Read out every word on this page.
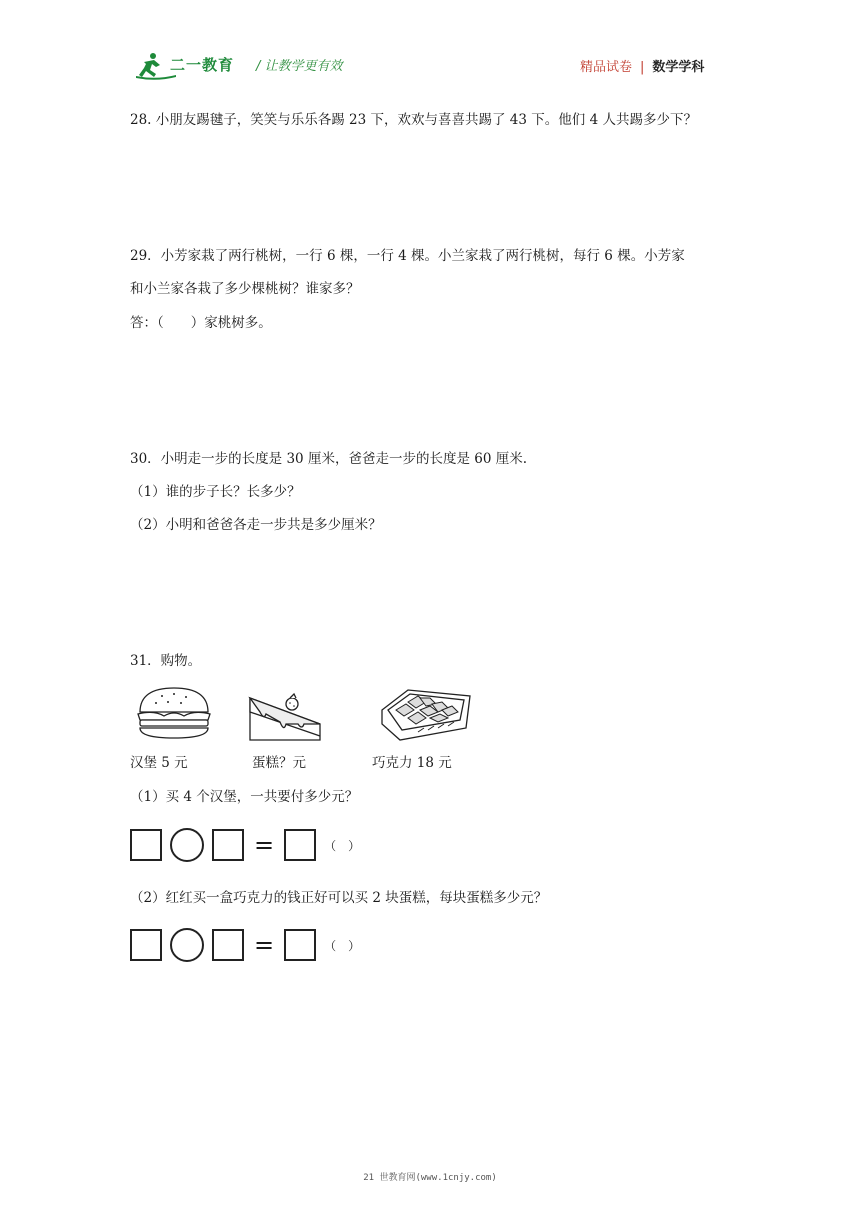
二一教育 / 让教学更有效	精品试卷 | 数学学科
28. 小朋友踢毽子，笑笑与乐乐各踢 23 下，欢欢与喜喜共踢了 43 下。他们 4 人共踢多少下？
29．小芳家栽了两行桃树，一行 6 棵，一行 4 棵。小兰家栽了两行桃树，每行 6 棵。小芳家
和小兰家各栽了多少棵桃树？谁家多？
答：（　　）家桃树多。
30．小明走一步的长度是 30 厘米，爸爸走一步的长度是 60 厘米.
（1）谁的步子长？长多少？
（2）小明和爸爸各走一步共是多少厘米？
31．购物。
汉堡 5 元	蛋糕？元	巧克力 18 元
（1）买 4 个汉堡，一共要付多少元？
=	（　）
（2）红红买一盒巧克力的钱正好可以买 2 块蛋糕，每块蛋糕多少元？
=	（　）
21 世教育网(www.1cnjy.com)
